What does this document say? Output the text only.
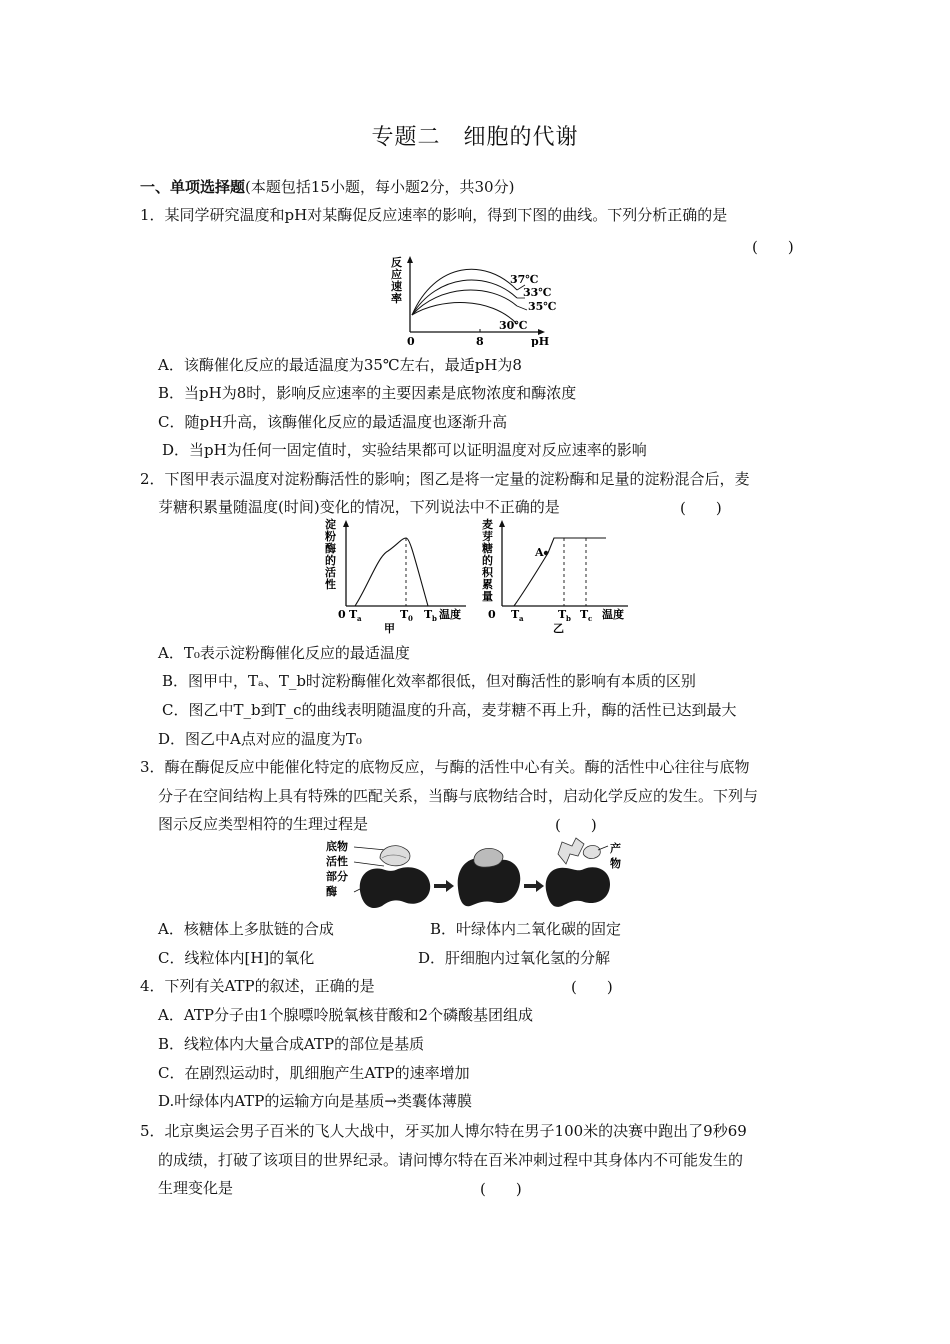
专题二　细胞的代谢
一、单项选择题(本题包括15小题，每小题2分，共30分)
1．某同学研究温度和pH对某酶促反应速率的影响，得到下图的曲线。下列分析正确的是
(　　)
反
应
速
率
37℃
33℃
35℃
30℃
0	8	pH
A．该酶催化反应的最适温度为35℃左右，最适pH为8
B．当pH为8时，影响反应速率的主要因素是底物浓度和酶浓度
C．随pH升高，该酶催化反应的最适温度也逐渐升高
D．当pH为任何一固定值时，实验结果都可以证明温度对反应速率的影响
2．下图甲表示温度对淀粉酶活性的影响；图乙是将一定量的淀粉酶和足量的淀粉混合后，麦
芽糖积累量随温度(时间)变化的情况，下列说法中不正确的是	(　　)
淀
粉
酶
的
活
性
0 T a	T 0 T b 温度
甲
麦
芽
糖
的
积
累
量
A
0 T a	T b T c 温度
乙
A．T₀表示淀粉酶催化反应的最适温度
B．图甲中，Tₐ、T_b时淀粉酶催化效率都很低，但对酶活性的影响有本质的区别
C．图乙中T_b到T_c的曲线表明随温度的升高，麦芽糖不再上升，酶的活性已达到最大
D．图乙中A点对应的温度为T₀
3．酶在酶促反应中能催化特定的底物反应，与酶的活性中心有关。酶的活性中心往往与底物
分子在空间结构上具有特殊的匹配关系，当酶与底物结合时，启动化学反应的发生。下列与
图示反应类型相符的生理过程是	(　　)
底物
活性
部分
酶
产
物
A．核糖体上多肽链的合成	B．叶绿体内二氧化碳的固定
C．线粒体内[H]的氧化	D．肝细胞内过氧化氢的分解
4．下列有关ATP的叙述，正确的是	(　　)
A．ATP分子由1个腺嘌呤脱氧核苷酸和2个磷酸基团组成
B．线粒体内大量合成ATP的部位是基质
C．在剧烈运动时，肌细胞产生ATP的速率增加
D.叶绿体内ATP的运输方向是基质→类囊体薄膜
5．北京奥运会男子百米的飞人大战中，牙买加人博尔特在男子100米的决赛中跑出了9秒69
的成绩，打破了该项目的世界纪录。请问博尔特在百米冲刺过程中其身体内不可能发生的
生理变化是	(　　)
